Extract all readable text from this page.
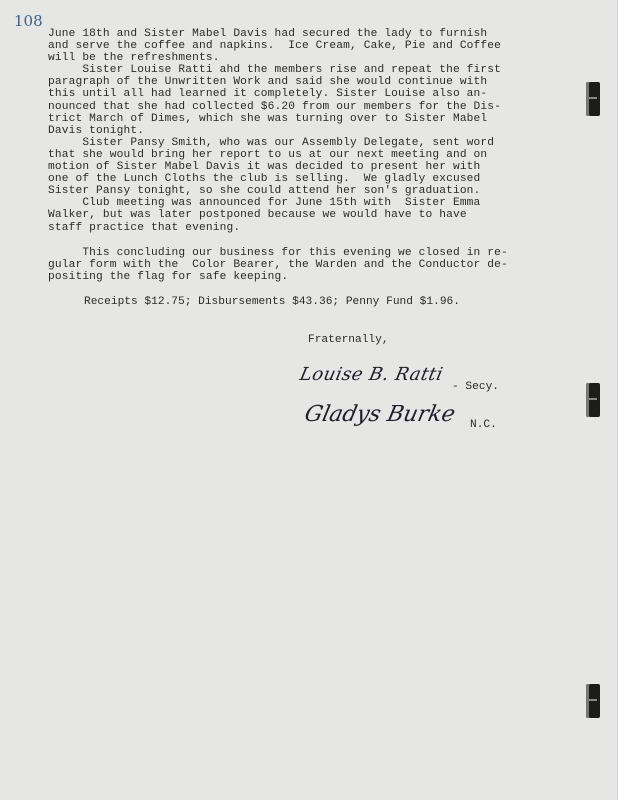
108
June 18th and Sister Mabel Davis had secured the lady to furnish
and serve the coffee and napkins.  Ice Cream, Cake, Pie and Coffee
will be the refreshments.
Sister Louise Ratti ahd the members rise and repeat the first
paragraph of the Unwritten Work and said she would continue with
this until all had learned it completely. Sister Louise also an-
nounced that she had collected $6.20 from our members for the Dis-
trict March of Dimes, which she was turning over to Sister Mabel
Davis tonight.
Sister Pansy Smith, who was our Assembly Delegate, sent word
that she would bring her report to us at our next meeting and on
motion of Sister Mabel Davis it was decided to present her with
one of the Lunch Cloths the club is selling.  We gladly excused
Sister Pansy tonight, so she could attend her son's graduation.
Club meeting was announced for June 15th with  Sister Emma
Walker, but was later postponed because we would have to have
staff practice that evening.
This concluding our business for this evening we closed in re-
gular form with the  Color Bearer, the Warden and the Conductor de-
positing the flag for safe keeping.
Receipts $12.75; Disbursements $43.36; Penny Fund $1.96.
Fraternally,
Louise B. Ratti
- Secy.
Gladys Burke N.C.
